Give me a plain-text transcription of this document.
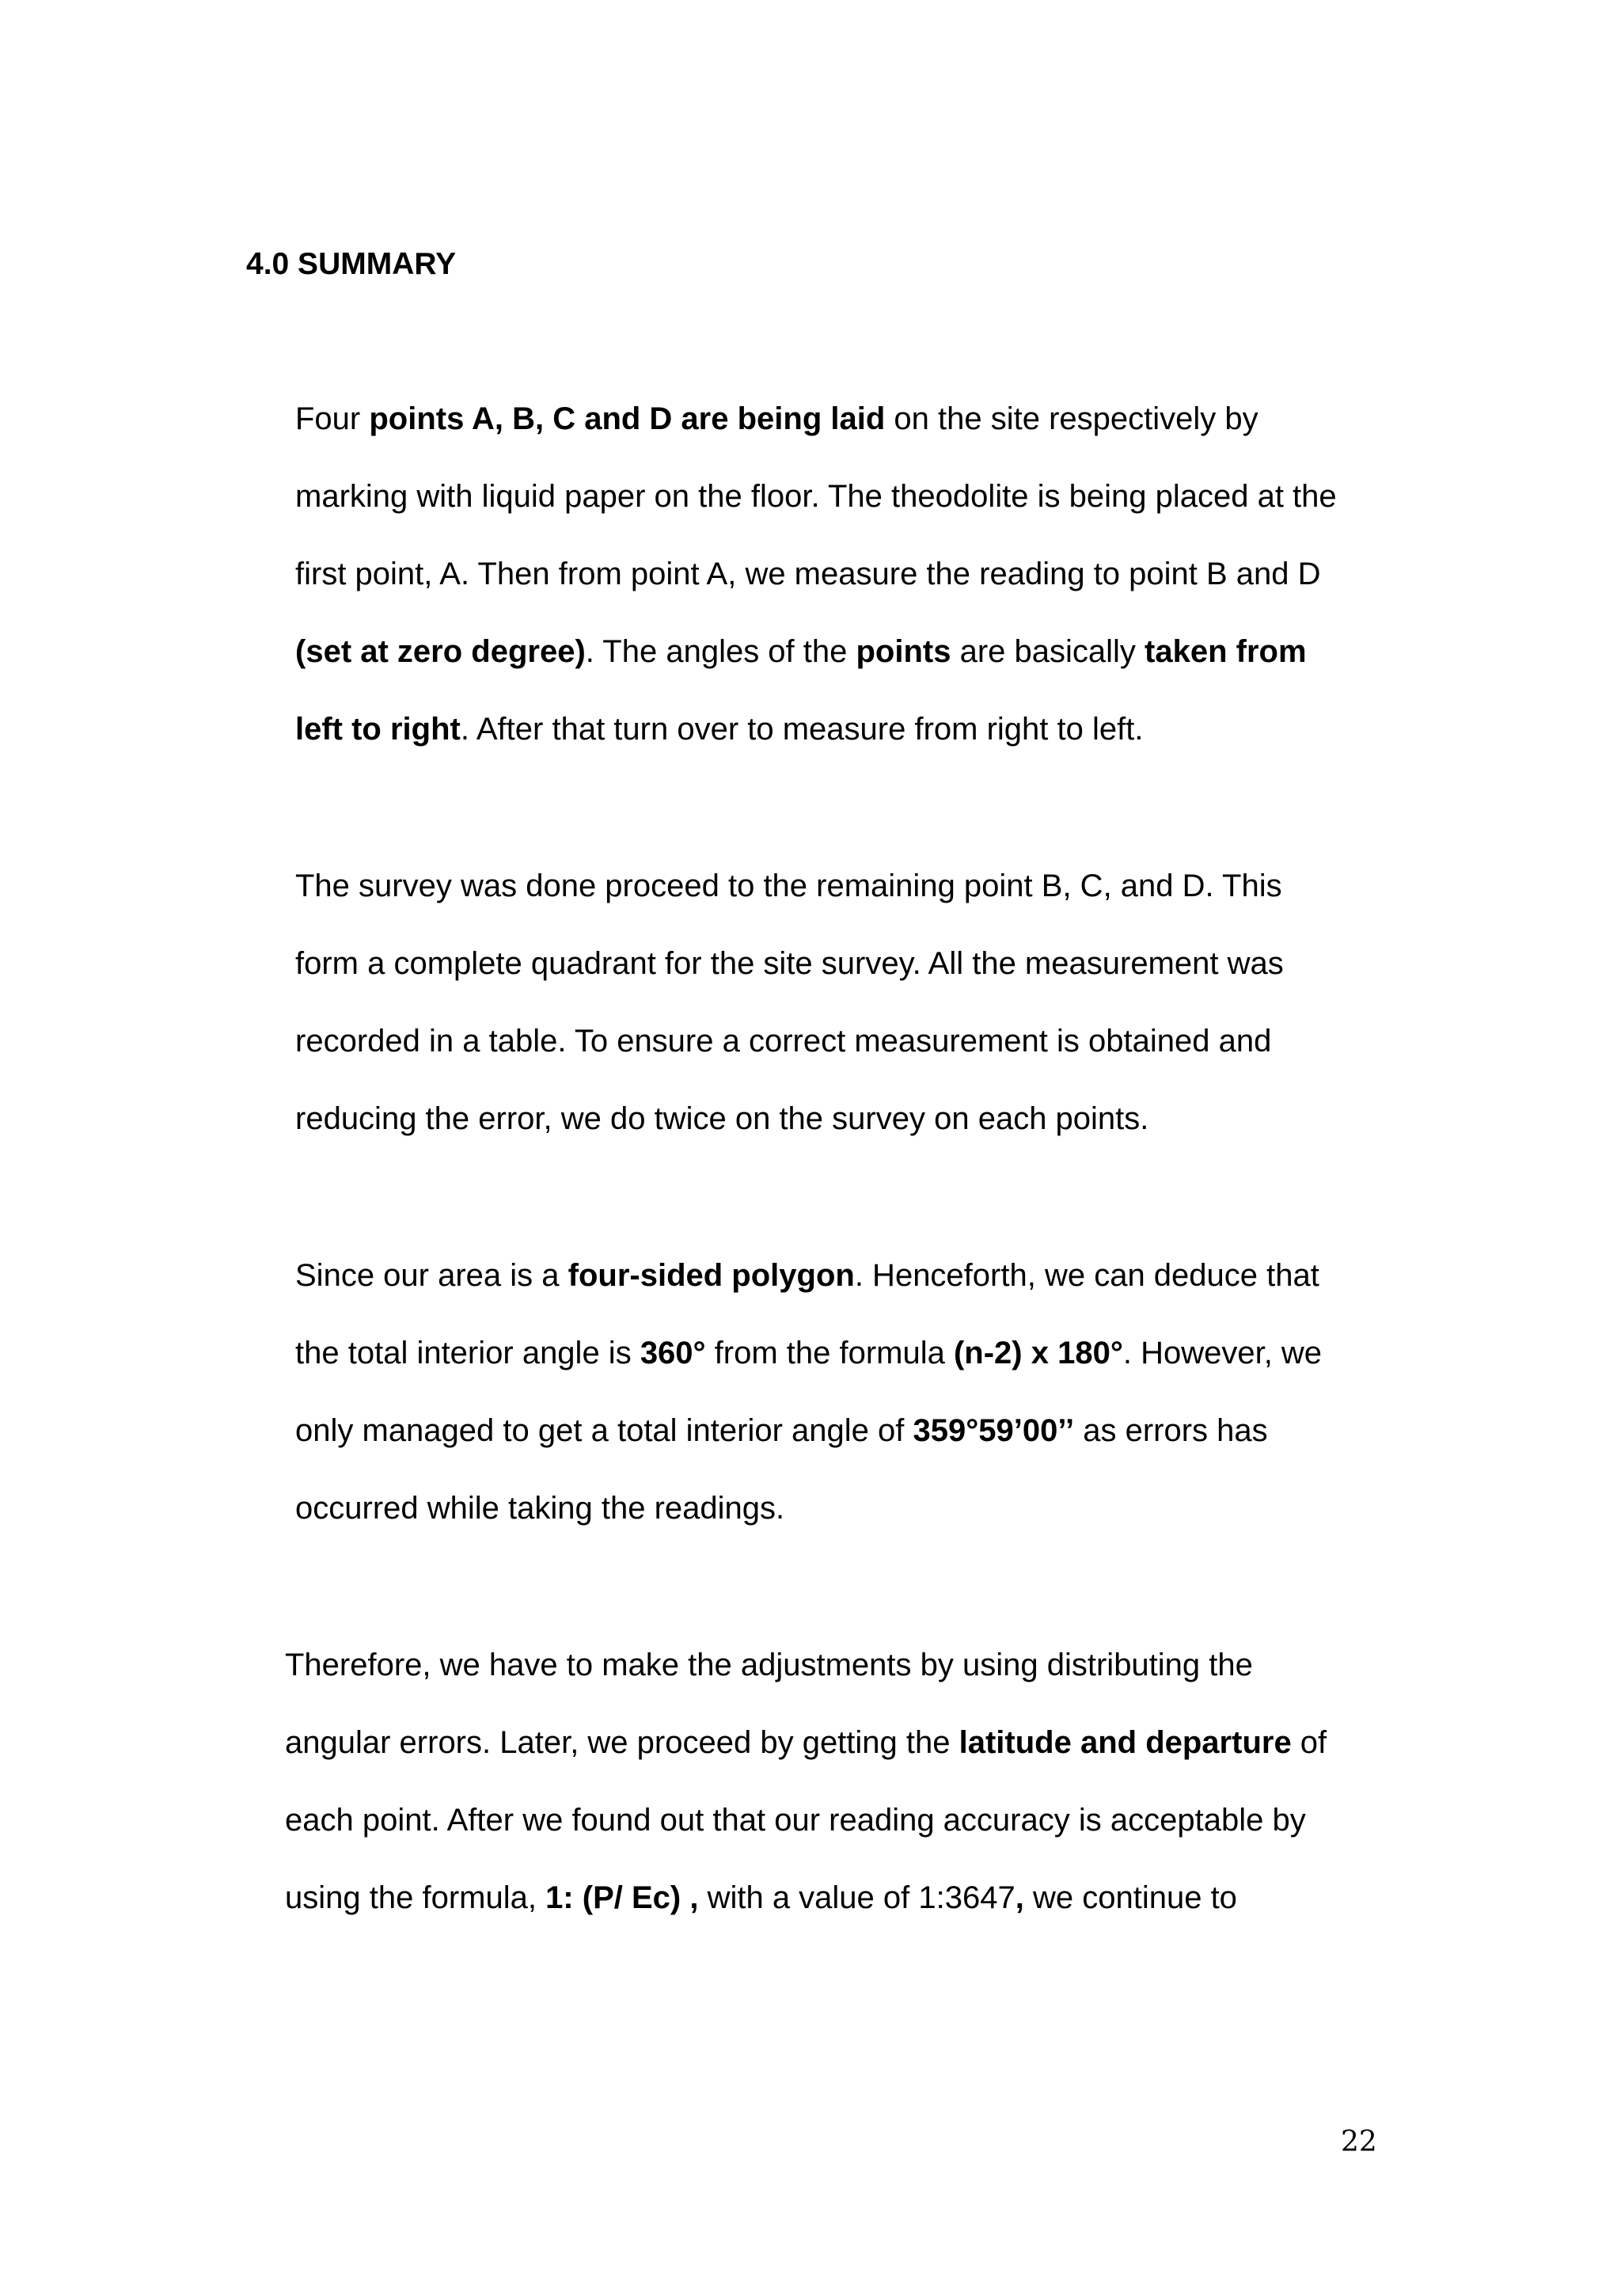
4.0 SUMMARY
Four points A, B, C and D are being laid on the site respectively by
marking with liquid paper on the floor. The theodolite is being placed at the
first point, A. Then from point A, we measure the reading to point B and D
(set at zero degree). The angles of the points are basically taken from
left to right. After that turn over to measure from right to left.
The survey was done proceed to the remaining point B, C, and D. This
form a complete quadrant for the site survey. All the measurement was
recorded in a table. To ensure a correct measurement is obtained and
reducing the error, we do twice on the survey on each points.
Since our area is a four-sided polygon. Henceforth, we can deduce that
the total interior angle is 360° from the formula (n-2) x 180°. However, we
only managed to get a total interior angle of 359°59’00’’ as errors has
occurred while taking the readings.
Therefore, we have to make the adjustments by using distributing the
angular errors. Later, we proceed by getting the latitude and departure of
each point. After we found out that our reading accuracy is acceptable by
using the formula, 1: (P/ Ec) , with a value of 1:3647, we continue to
22
